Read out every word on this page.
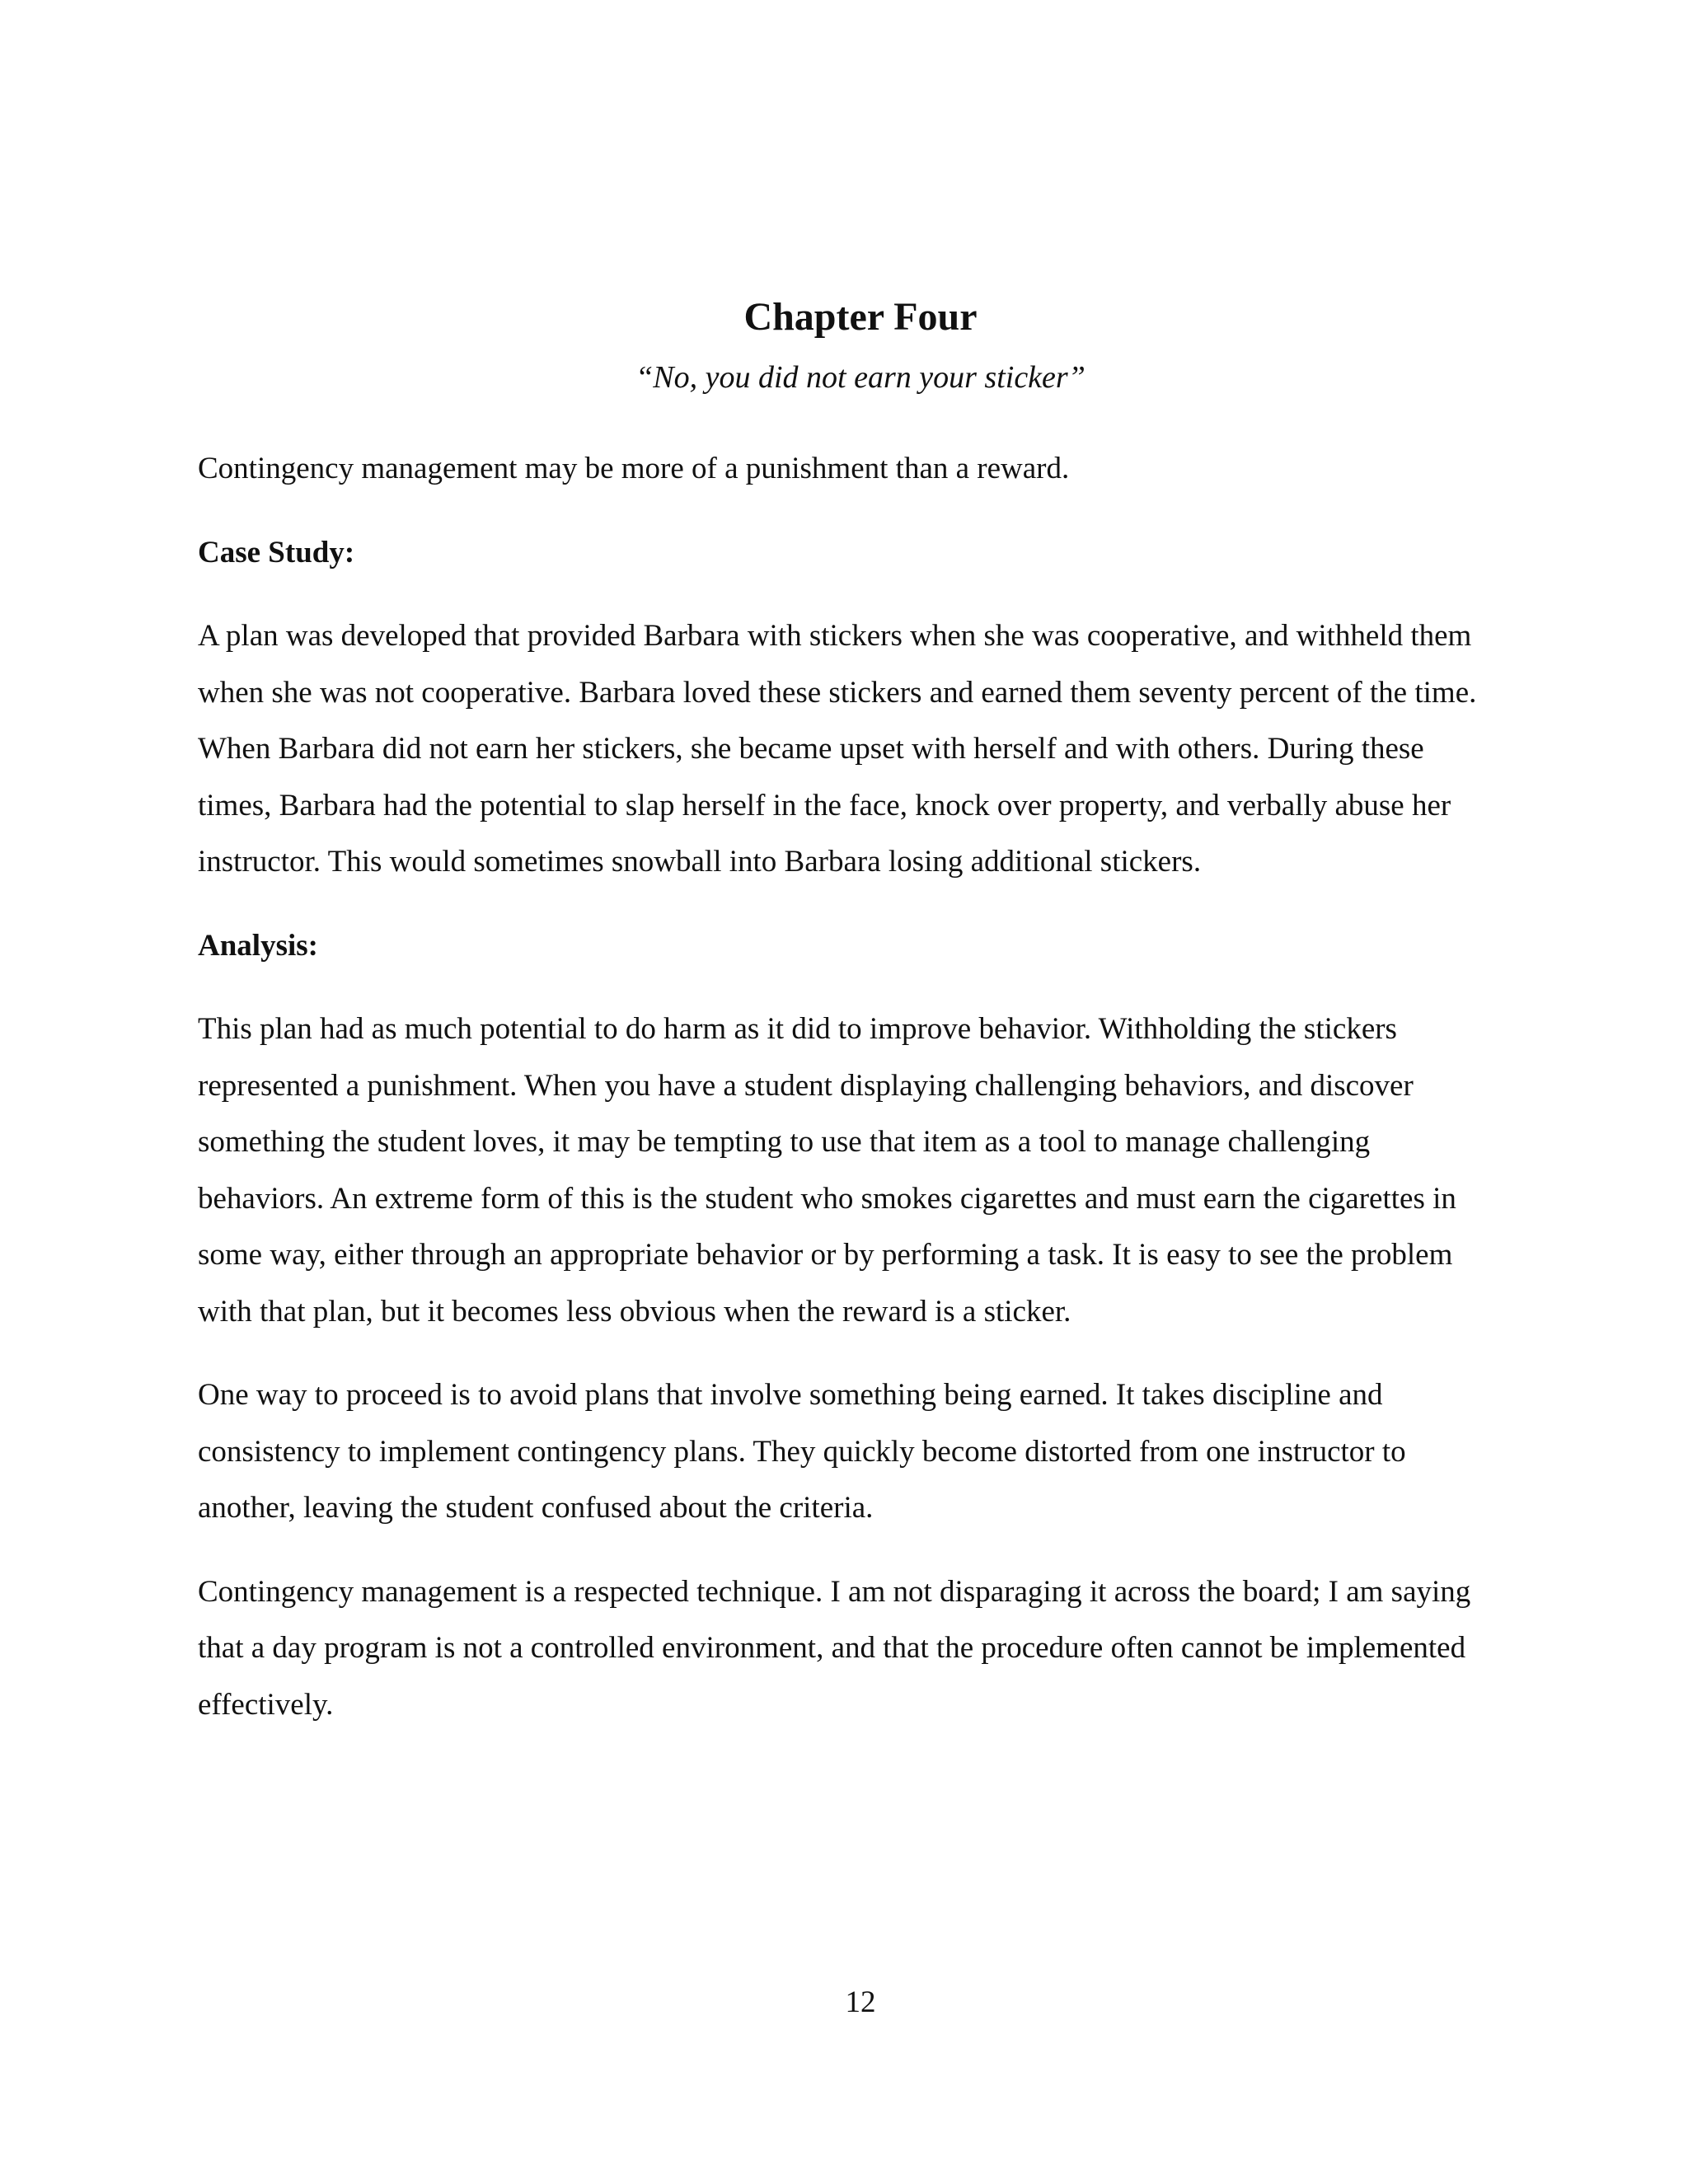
Chapter Four
“No, you did not earn your sticker”

Contingency management may be more of a punishment than a reward.

Case Study:

A plan was developed that provided Barbara with stickers when she was cooperative, and withheld them when she was not cooperative. Barbara loved these stickers and earned them seventy percent of the time. When Barbara did not earn her stickers, she became upset with herself and with others. During these times, Barbara had the potential to slap herself in the face, knock over property, and verbally abuse her instructor. This would sometimes snowball into Barbara losing additional stickers.

Analysis:

This plan had as much potential to do harm as it did to improve behavior. Withholding the stickers represented a punishment. When you have a student displaying challenging behaviors, and discover something the student loves, it may be tempting to use that item as a tool to manage challenging behaviors. An extreme form of this is the student who smokes cigarettes and must earn the cigarettes in some way, either through an appropriate behavior or by performing a task. It is easy to see the problem with that plan, but it becomes less obvious when the reward is a sticker.

One way to proceed is to avoid plans that involve something being earned. It takes discipline and consistency to implement contingency plans. They quickly become distorted from one instructor to another, leaving the student confused about the criteria.

Contingency management is a respected technique. I am not disparaging it across the board; I am saying that a day program is not a controlled environment, and that the procedure often cannot be implemented effectively.

12
